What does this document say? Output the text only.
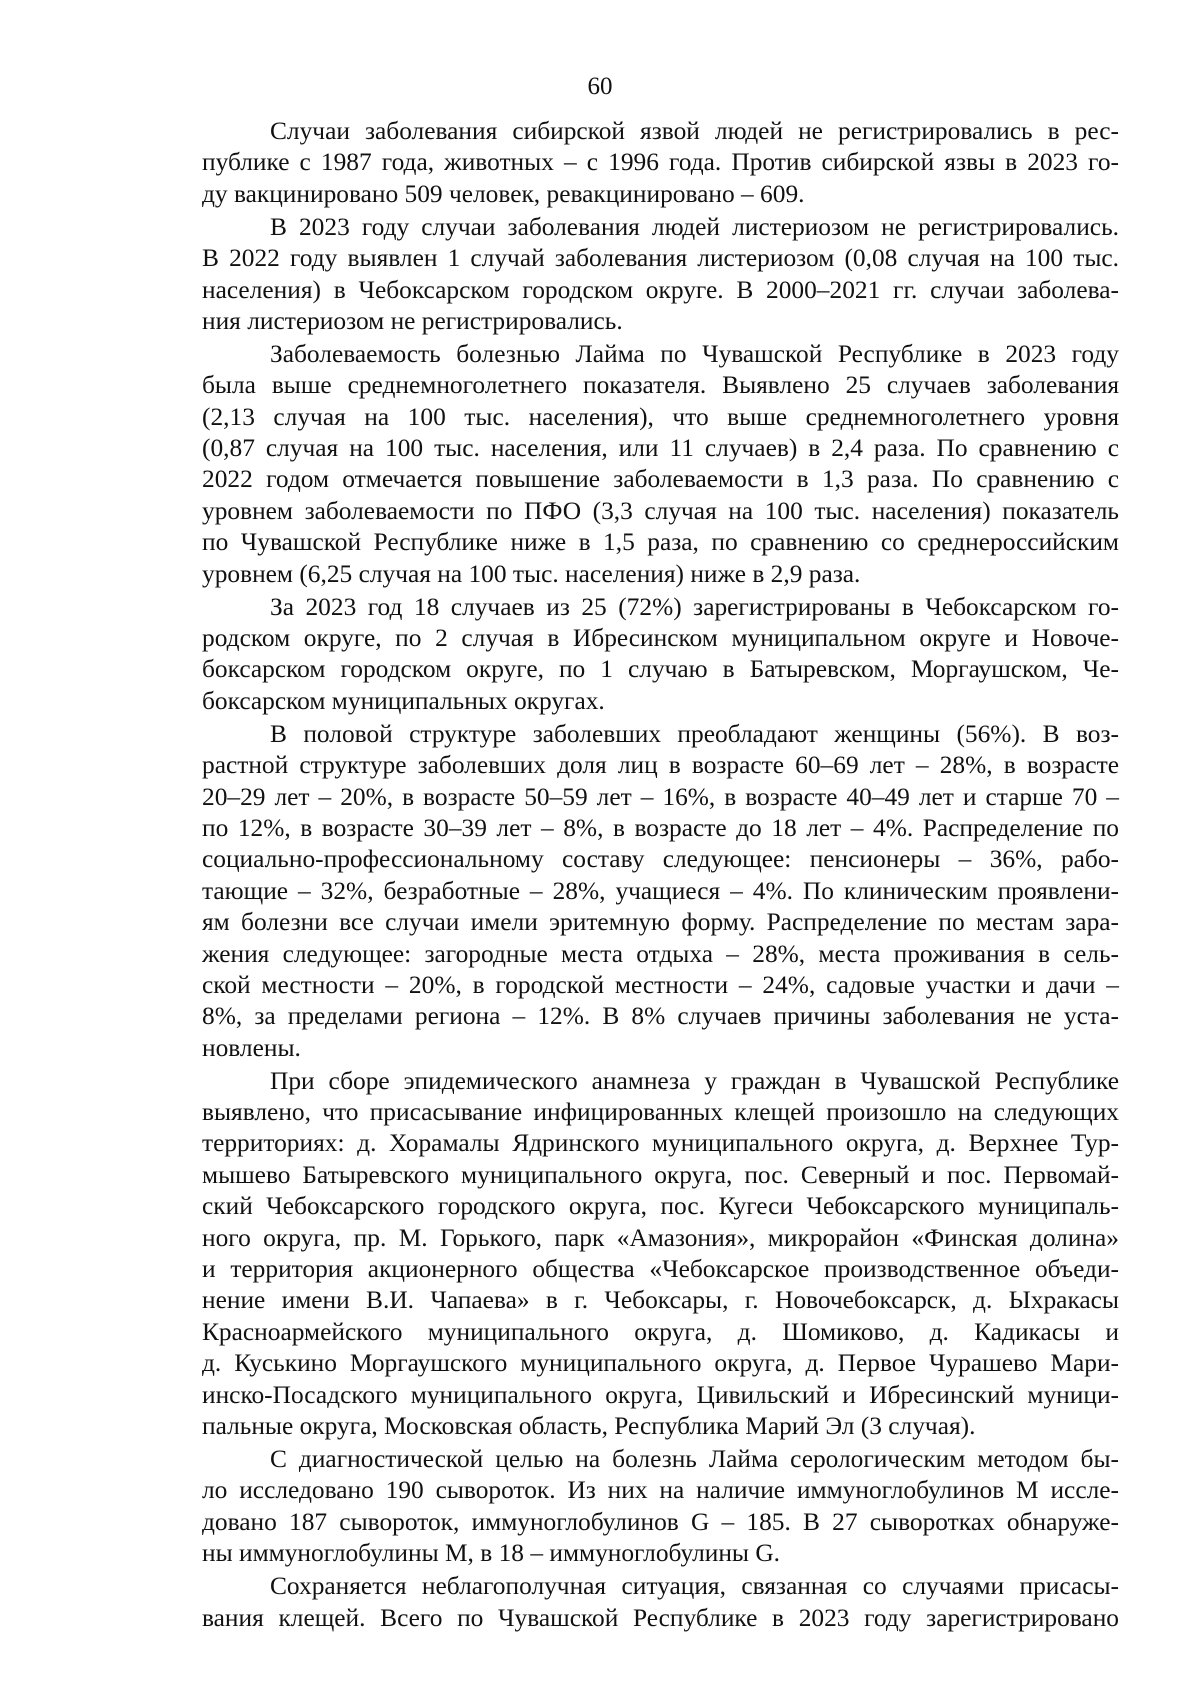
60
Случаи заболевания сибирской язвой людей не регистрировались в рес-
публике с 1987 года, животных – с 1996 года. Против сибирской язвы в 2023 го-
ду вакцинировано 509 человек, ревакцинировано – 609.
В 2023 году случаи заболевания людей листериозом не регистрировались.
В 2022 году выявлен 1 случай заболевания листериозом (0,08 случая на 100 тыс.
населения) в Чебоксарском городском округе. В 2000–2021 гг. случаи заболева-
ния листериозом не регистрировались.
Заболеваемость болезнью Лайма по Чувашской Республике в 2023 году
была выше среднемноголетнего показателя. Выявлено 25 случаев заболевания
(2,13 случая на 100 тыс. населения), что выше среднемноголетнего уровня
(0,87 случая на 100 тыс. населения, или 11 случаев) в 2,4 раза. По сравнению с
2022 годом отмечается повышение заболеваемости в 1,3 раза. По сравнению с
уровнем заболеваемости по ПФО (3,3 случая на 100 тыс. населения) показатель
по Чувашской Республике ниже в 1,5 раза, по сравнению со среднероссийским
уровнем (6,25 случая на 100 тыс. населения) ниже в 2,9 раза.
За 2023 год 18 случаев из 25 (72%) зарегистрированы в Чебоксарском го-
родском округе, по 2 случая в Ибресинском муниципальном округе и Новоче-
боксарском городском округе, по 1 случаю в Батыревском, Моргаушском, Че-
боксарском муниципальных округах.
В половой структуре заболевших преобладают женщины (56%). В воз-
растной структуре заболевших доля лиц в возрасте 60–69 лет – 28%, в возрасте
20–29 лет – 20%, в возрасте 50–59 лет – 16%, в возрасте 40–49 лет и старше 70 –
по 12%, в возрасте 30–39 лет – 8%, в возрасте до 18 лет – 4%. Распределение по
социально-профессиональному составу следующее: пенсионеры – 36%, рабо-
тающие – 32%, безработные – 28%, учащиеся – 4%. По клиническим проявлени-
ям болезни все случаи имели эритемную форму. Распределение по местам зара-
жения следующее: загородные места отдыха – 28%, места проживания в сель-
ской местности – 20%, в городской местности – 24%, садовые участки и дачи –
8%, за пределами региона – 12%. В 8% случаев причины заболевания не уста-
новлены.
При сборе эпидемического анамнеза у граждан в Чувашской Республике
выявлено, что присасывание инфицированных клещей произошло на следующих
территориях: д. Хорамалы Ядринского муниципального округа, д. Верхнее Тур-
мышево Батыревского муниципального округа, пос. Северный и пос. Первомай-
ский Чебоксарского городского округа, пос. Кугеси Чебоксарского муниципаль-
ного округа, пр. М. Горького, парк «Амазония», микрорайон «Финская долина»
и территория акционерного общества «Чебоксарское производственное объеди-
нение имени В.И. Чапаева» в г. Чебоксары, г. Новочебоксарск, д. Ыхракасы
Красноармейского муниципального округа, д. Шомиково, д. Кадикасы и
д. Куськино Моргаушского муниципального округа, д. Первое Чурашево Мари-
инско-Посадского муниципального округа, Цивильский и Ибресинский муници-
пальные округа, Московская область, Республика Марий Эл (3 случая).
С диагностической целью на болезнь Лайма серологическим методом бы-
ло исследовано 190 сывороток. Из них на наличие иммуноглобулинов М иссле-
довано 187 сывороток, иммуноглобулинов G – 185. В 27 сыворотках обнаруже-
ны иммуноглобулины М, в 18 – иммуноглобулины G.
Сохраняется неблагополучная ситуация, связанная со случаями присасы-
вания клещей. Всего по Чувашской Республике в 2023 году зарегистрировано
